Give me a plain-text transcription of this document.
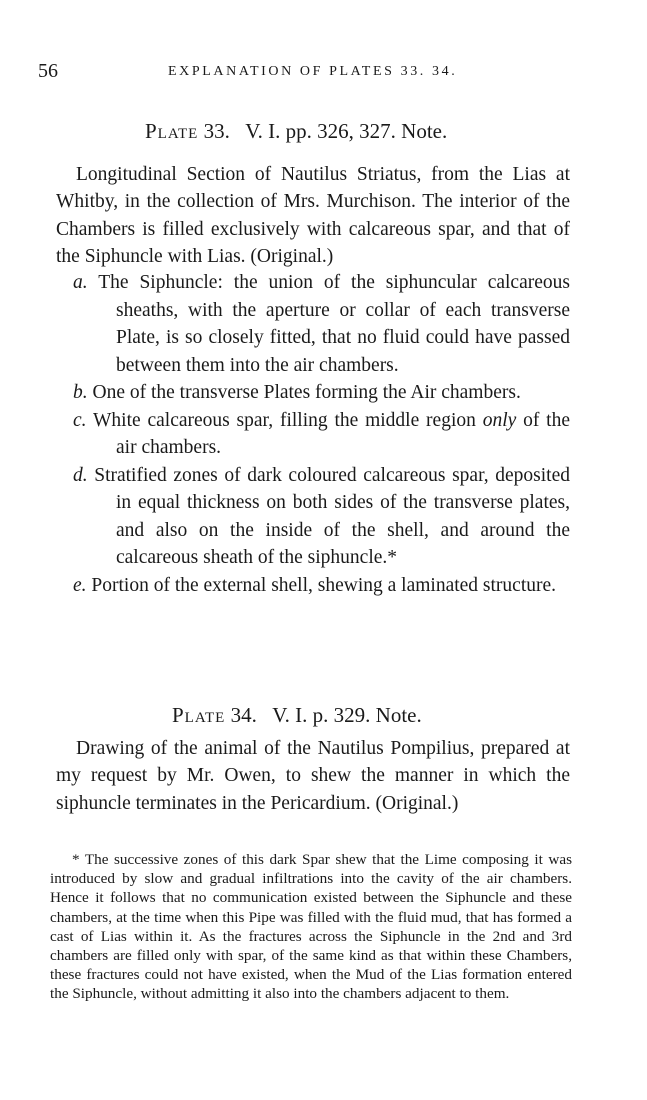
56	EXPLANATION OF PLATES 33. 34.
Plate 33. V. I. pp. 326, 327. Note.

Longitudinal Section of Nautilus Striatus, from the Lias at Whitby, in the collection of Mrs. Murchison. The interior of the Chambers is filled exclusively with calcareous spar, and that of the Siphuncle with Lias. (Original.)

a. The Siphuncle: the union of the siphuncular calcareous sheaths, with the aperture or collar of each transverse Plate, is so closely fitted, that no fluid could have passed between them into the air chambers.
b. One of the transverse Plates forming the Air chambers.
c. White calcareous spar, filling the middle region only of the air chambers.
d. Stratified zones of dark coloured calcareous spar, deposited in equal thickness on both sides of the transverse plates, and also on the inside of the shell, and around the calcareous sheath of the siphuncle.*
e. Portion of the external shell, shewing a laminated structure.
Plate 34. V. I. p. 329. Note.

Drawing of the animal of the Nautilus Pompilius, prepared at my request by Mr. Owen, to shew the manner in which the siphuncle terminates in the Pericardium. (Original.)

* The successive zones of this dark Spar shew that the Lime composing it was introduced by slow and gradual infiltrations into the cavity of the air chambers. Hence it follows that no communication existed between the Siphuncle and these chambers, at the time when this Pipe was filled with the fluid mud, that has formed a cast of Lias within it. As the fractures across the Siphuncle in the 2nd and 3rd chambers are filled only with spar, of the same kind as that within these Chambers, these fractures could not have existed, when the Mud of the Lias formation entered the Siphuncle, without admitting it also into the chambers adjacent to them.
